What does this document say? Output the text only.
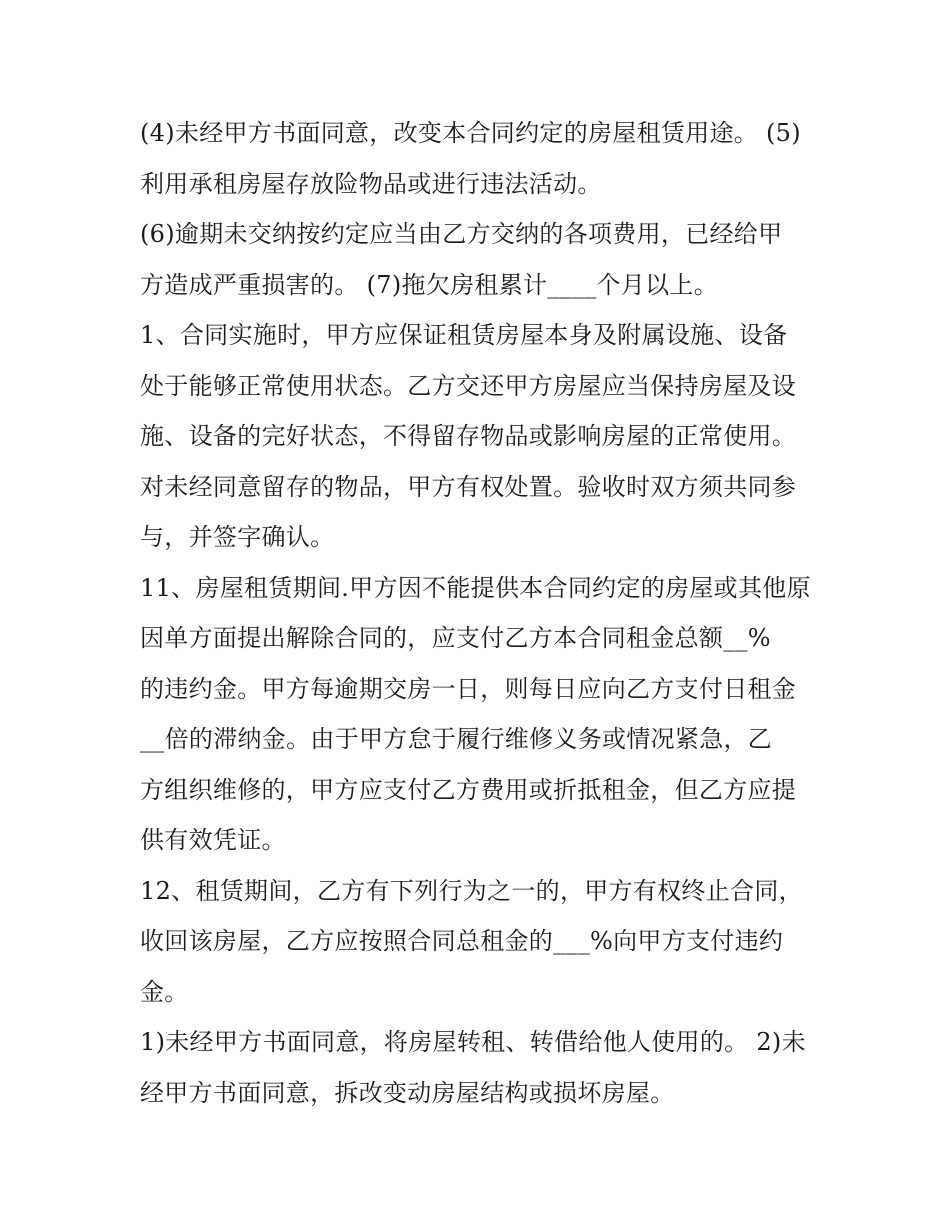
(4)未经甲方书面同意，改变本合同约定的房屋租赁用途。 (5)
利用承租房屋存放险物品或进行违法活动。

(6)逾期未交纳按约定应当由乙方交纳的各项费用，已经给甲
方造成严重损害的。 (7)拖欠房租累计____个月以上。

1、合同实施时，甲方应保证租赁房屋本身及附属设施、设备
处于能够正常使用状态。乙方交还甲方房屋应当保持房屋及设
施、设备的完好状态，不得留存物品或影响房屋的正常使用。
对未经同意留存的物品，甲方有权处置。验收时双方须共同参
与，并签字确认。

11、房屋租赁期间.甲方因不能提供本合同约定的房屋或其他原
因单方面提出解除合同的，应支付乙方本合同租金总额__%
的违约金。甲方每逾期交房一日，则每日应向乙方支付日租金
__倍的滞纳金。由于甲方怠于履行维修义务或情况紧急，乙
方组织维修的，甲方应支付乙方费用或折抵租金，但乙方应提
供有效凭证。

12、租赁期间，乙方有下列行为之一的，甲方有权终止合同，
收回该房屋，乙方应按照合同总租金的___%向甲方支付违约
金。

1)未经甲方书面同意，将房屋转租、转借给他人使用的。 2)未
经甲方书面同意，拆改变动房屋结构或损坏房屋。
